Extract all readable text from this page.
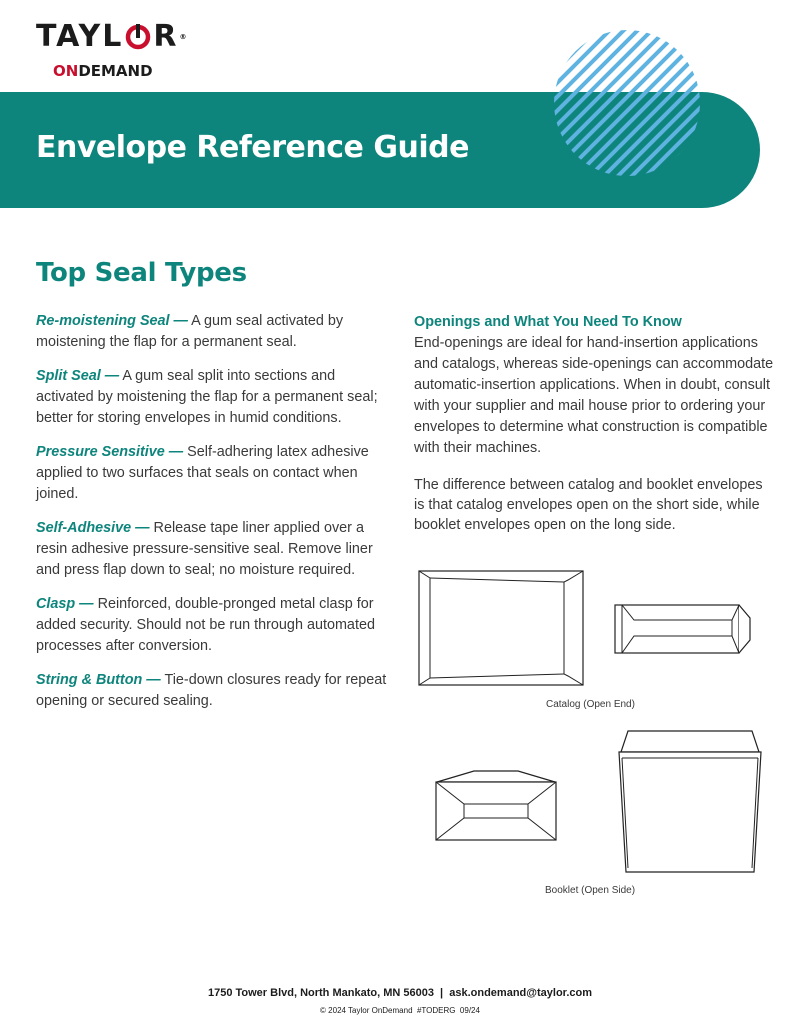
TAYL R ®
ONDEMAND
Envelope Reference Guide
Top Seal Types

Re-moistening Seal — A gum seal activated by moistening the flap for a permanent seal.

Split Seal — A gum seal split into sections and activated by moistening the flap for a permanent seal; better for storing envelopes in humid conditions.

Pressure Sensitive — Self-adhering latex adhesive applied to two surfaces that seals on contact when joined.

Self-Adhesive — Release tape liner applied over a resin adhesive pressure-sensitive seal. Remove liner and press flap down to seal; no moisture required.

Clasp — Reinforced, double-pronged metal clasp for added security. Should not be run through automated processes after conversion.

String & Button — Tie-down closures ready for repeat opening or secured sealing.

Openings and What You Need To Know

End-openings are ideal for hand-insertion applications and catalogs, whereas side-openings can accommodate automatic-insertion applications. When in doubt, consult with your supplier and mail house prior to ordering your envelopes to determine what construction is compatible with their machines.

The difference between catalog and booklet envelopes is that catalog envelopes open on the short side, while booklet envelopes open on the long side.

Catalog (Open End)
Booklet (Open Side)
1750 Tower Blvd, North Mankato, MN 56003  |  ask.ondemand@taylor.com
© 2024 Taylor OnDemand  #TODERG  09/24
